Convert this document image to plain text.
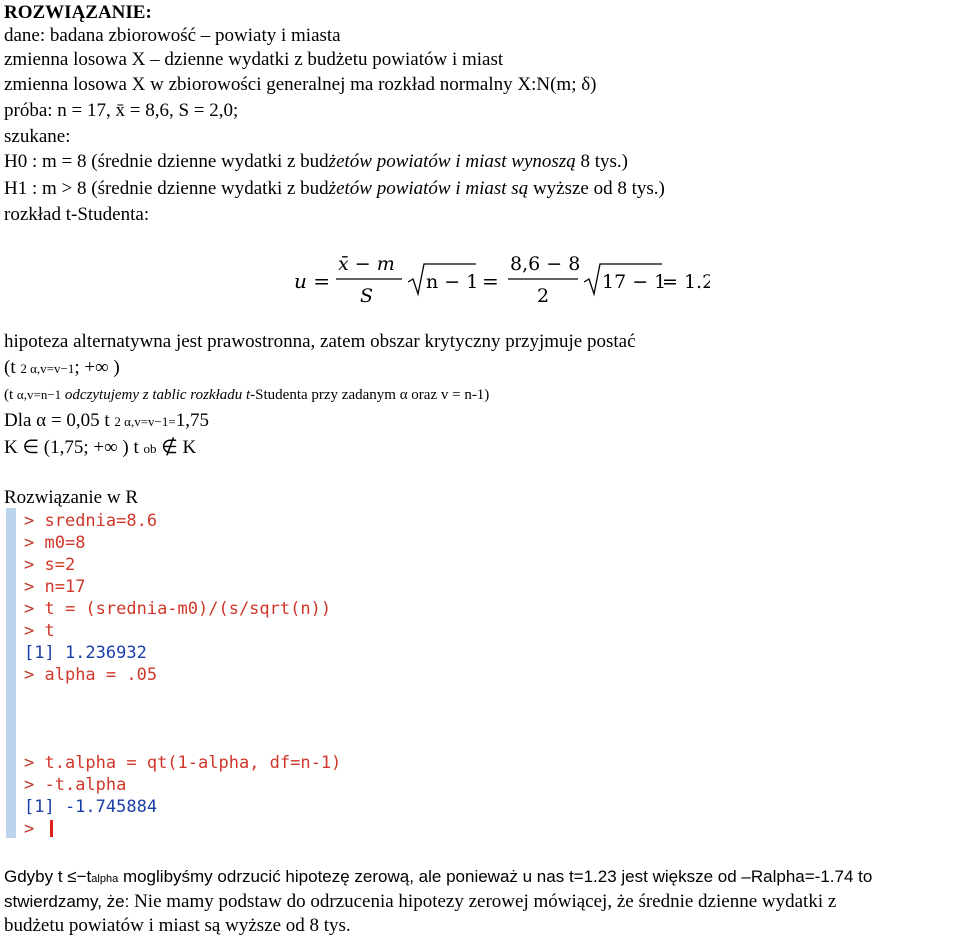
ROZWIĄZANIE:
dane: badana zbiorowość – powiaty i miasta
zmienna losowa X – dzienne wydatki z budżetu powiatów i miast
zmienna losowa X w zbiorowości generalnej ma rozkład normalny X:N(m; δ)
próba: n = 17, x̄ = 8,6, S = 2,0;
szukane:
H0 : m = 8 (średnie dzienne wydatki z budżetów powiatów i miast wynoszą 8 tys.)
H1 : m > 8 (średnie dzienne wydatki z budżetów powiatów i miast są wyższe od 8 tys.)
rozkład t-Studenta:
u =
x̄ − m
S
n − 1 =
8,6 − 8
2
17 − 1
= 1.2
hipoteza alternatywna jest prawostronna, zatem obszar krytyczny przyjmuje postać
(t 2 α,v=v−1; +∞ )
(t α,v=n−1 odczytujemy z tablic rozkładu t-Studenta przy zadanym α oraz v = n-1)
Dla α = 0,05 t 2 α,v=v−1=1,75
K ∈ (1,75; +∞ ) t ob ∉ K
Rozwiązanie w R
> srednia=8.6
> m0=8
> s=2
> n=17
> t = (srednia-m0)/(s/sqrt(n))
> t
[1] 1.236932
> alpha = .05
> t.alpha = qt(1-alpha, df=n-1)
> -t.alpha
[1] -1.745884
>
Gdyby t ≤−talpha moglibyśmy odrzucić hipotezę zerową, ale ponieważ u nas t=1.23 jest większe od –Ralpha=-1.74 to
stwierdzamy, że: Nie mamy podstaw do odrzucenia hipotezy zerowej mówiącej, że średnie dzienne wydatki z
budżetu powiatów i miast są wyższe od 8 tys.
